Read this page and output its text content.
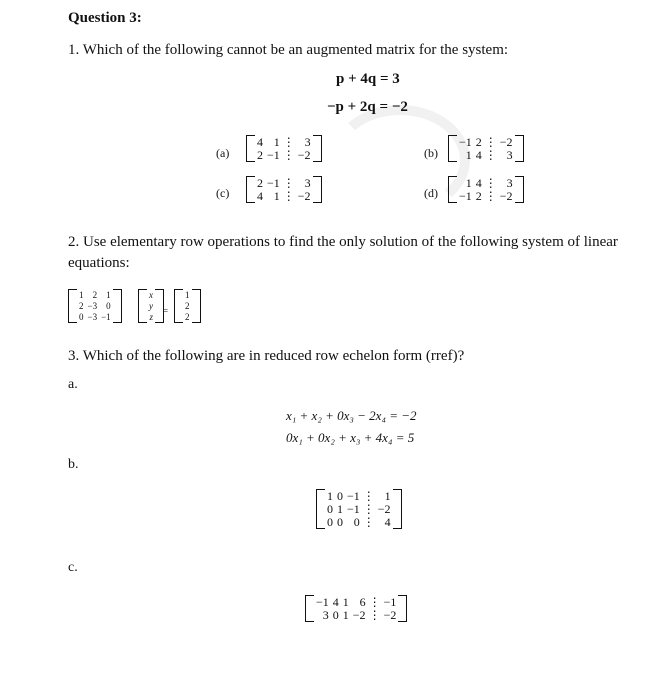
Question 3:
1. Which of the following cannot be an augmented matrix for the system:
p + 4q = 3
−p + 2q = −2
(a)
	4	1	⋮	3	
	2	−1	⋮	−2		(b)
	−1	2	⋮	−2	
	1	4	⋮	3	
(c)
	2	−1	⋮	3	
	4	1	⋮	−2		(d)
	1	4	⋮	3	
	−1	2	⋮	−2	
2. Use elementary row operations to find the only solution of the following system of linear
equations:
	1	2	1	
	2	−3	0	
	0	−3	−1	
	x	
y
z
=
	1	
2
2
3. Which of the following are in reduced row echelon form (rref)?
a.
x₁ + x₂ + 0x₃ − 2x₄ = −2
0x₁ + 0x₂ + x₃ + 4x₄ = 5
b.
	1	0	−1	⋮	1	
	0	1	−1	⋮	−2	
	0	0	0	⋮	4	
c.
	−1	4	1	6	⋮	−1	
	3	0	1	−2	⋮	−2	
